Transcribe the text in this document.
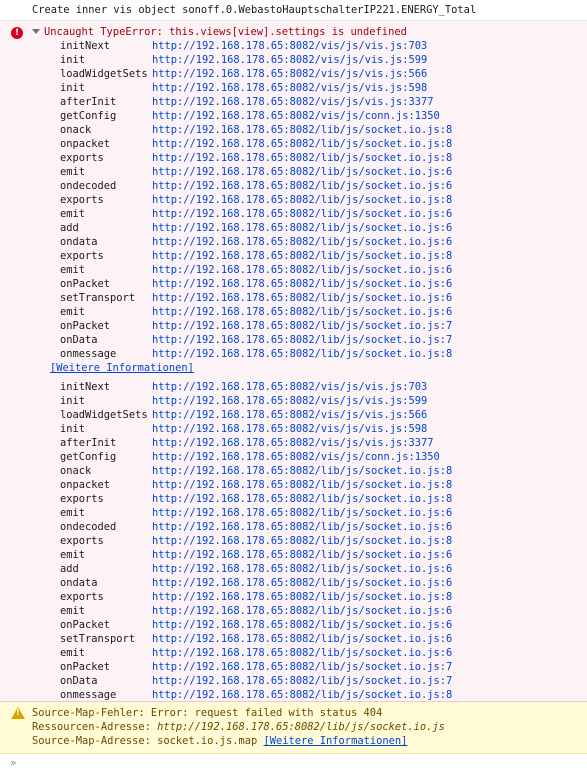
Create inner vis object sonoff.0.WebastoHauptschalterIP221.ENERGY_Total
!	Uncaught TypeError: this.views[view].settings is undefined
initNext	http://192.168.178.65:8082/vis/js/vis.js:703
init	http://192.168.178.65:8082/vis/js/vis.js:599
loadWidgetSets http://192.168.178.65:8082/vis/js/vis.js:566
init	http://192.168.178.65:8082/vis/js/vis.js:598
afterInit	http://192.168.178.65:8082/vis/js/vis.js:3377
getConfig	http://192.168.178.65:8082/vis/js/conn.js:1350
onack	http://192.168.178.65:8082/lib/js/socket.io.js:8
onpacket	http://192.168.178.65:8082/lib/js/socket.io.js:8
exports	http://192.168.178.65:8082/lib/js/socket.io.js:8
emit	http://192.168.178.65:8082/lib/js/socket.io.js:6
ondecoded	http://192.168.178.65:8082/lib/js/socket.io.js:6
exports	http://192.168.178.65:8082/lib/js/socket.io.js:8
emit	http://192.168.178.65:8082/lib/js/socket.io.js:6
add	http://192.168.178.65:8082/lib/js/socket.io.js:6
ondata	http://192.168.178.65:8082/lib/js/socket.io.js:6
exports	http://192.168.178.65:8082/lib/js/socket.io.js:8
emit	http://192.168.178.65:8082/lib/js/socket.io.js:6
onPacket	http://192.168.178.65:8082/lib/js/socket.io.js:6
setTransport http://192.168.178.65:8082/lib/js/socket.io.js:6
emit	http://192.168.178.65:8082/lib/js/socket.io.js:6
onPacket	http://192.168.178.65:8082/lib/js/socket.io.js:7
onData	http://192.168.178.65:8082/lib/js/socket.io.js:7
onmessage	http://192.168.178.65:8082/lib/js/socket.io.js:8
[Weitere Informationen]
initNext	http://192.168.178.65:8082/vis/js/vis.js:703
init	http://192.168.178.65:8082/vis/js/vis.js:599
loadWidgetSets http://192.168.178.65:8082/vis/js/vis.js:566
init	http://192.168.178.65:8082/vis/js/vis.js:598
afterInit	http://192.168.178.65:8082/vis/js/vis.js:3377
getConfig	http://192.168.178.65:8082/vis/js/conn.js:1350
onack	http://192.168.178.65:8082/lib/js/socket.io.js:8
onpacket	http://192.168.178.65:8082/lib/js/socket.io.js:8
exports	http://192.168.178.65:8082/lib/js/socket.io.js:8
emit	http://192.168.178.65:8082/lib/js/socket.io.js:6
ondecoded	http://192.168.178.65:8082/lib/js/socket.io.js:6
exports	http://192.168.178.65:8082/lib/js/socket.io.js:8
emit	http://192.168.178.65:8082/lib/js/socket.io.js:6
add	http://192.168.178.65:8082/lib/js/socket.io.js:6
ondata	http://192.168.178.65:8082/lib/js/socket.io.js:6
exports	http://192.168.178.65:8082/lib/js/socket.io.js:8
emit	http://192.168.178.65:8082/lib/js/socket.io.js:6
onPacket	http://192.168.178.65:8082/lib/js/socket.io.js:6
setTransport http://192.168.178.65:8082/lib/js/socket.io.js:6
emit	http://192.168.178.65:8082/lib/js/socket.io.js:6
onPacket	http://192.168.178.65:8082/lib/js/socket.io.js:7
onData	http://192.168.178.65:8082/lib/js/socket.io.js:7
onmessage	http://192.168.178.65:8082/lib/js/socket.io.js:8
!	Source-Map-Fehler: Error: request failed with status 404
Ressourcen-Adresse: http://192.168.178.65:8082/lib/js/socket.io.js
Source-Map-Adresse: socket.io.js.map [Weitere Informationen]
»
